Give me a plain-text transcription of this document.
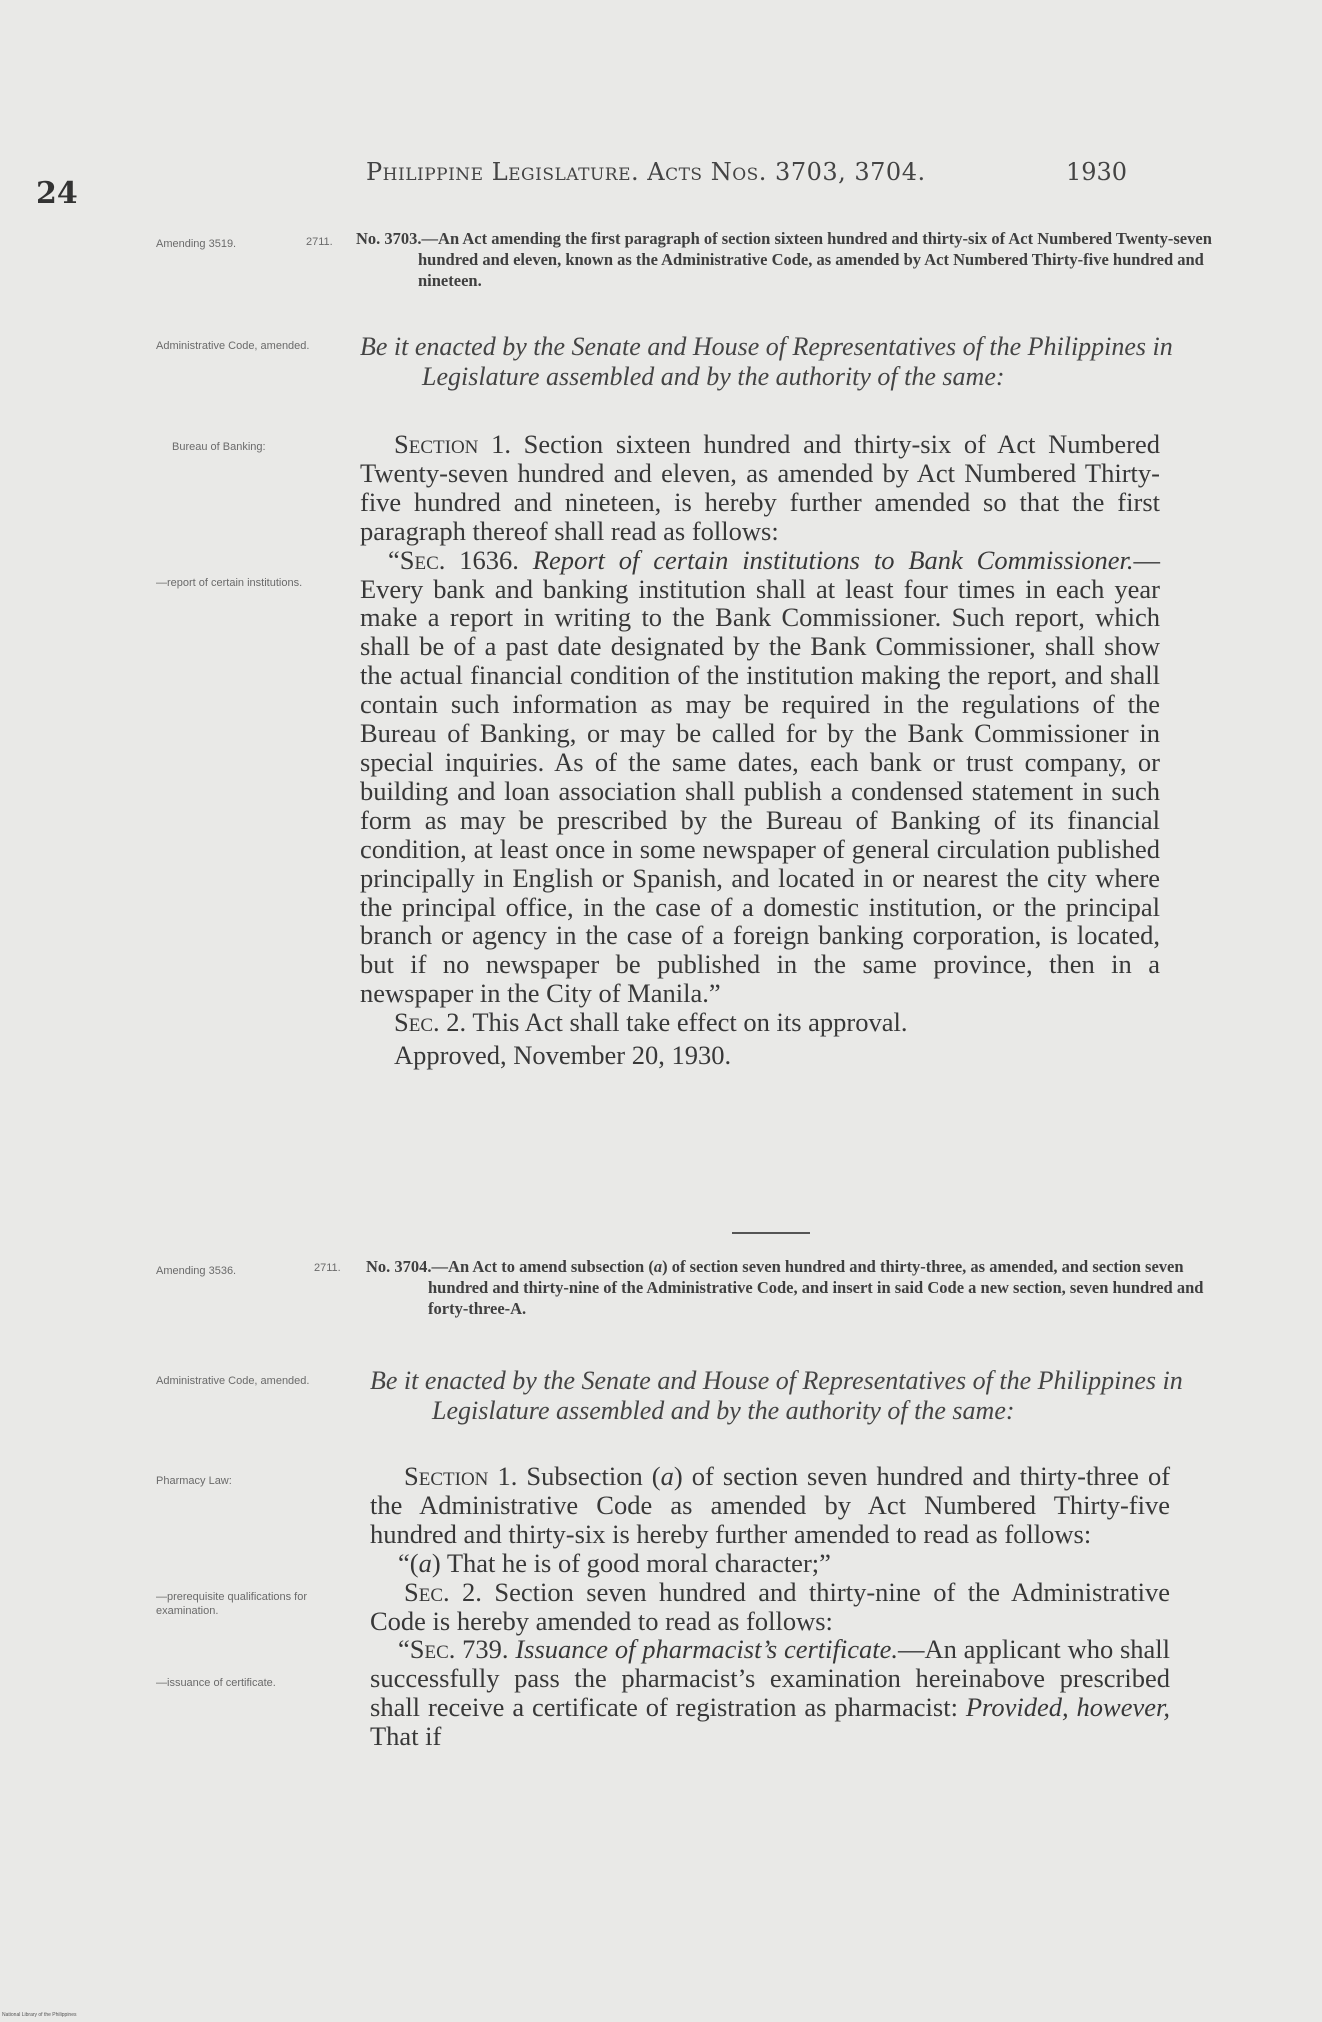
24
Philippine Legislature. Acts Nos. 3703, 3704.	1930
Amending 3519.	2711. No. 3703.—An Act amending the first paragraph of section sixteen hundred and thirty-six of Act Numbered Twenty-seven hundred and eleven, known as the Administrative Code, as amended by Act Numbered Thirty-five hundred and nineteen.
Administrative Code, amended.	Be it enacted by the Senate and House of Representatives of the Philippines in Legislature assembled and by the authority of the same:
Bureau of Banking:
—report of certain institutions.

Section 1. Section sixteen hundred and thirty-six of Act Numbered Twenty-seven hundred and eleven, as amended by Act Numbered Thirty-five hundred and nineteen, is hereby further amended so that the first paragraph thereof shall read as follows:

“Sec. 1636. Report of certain institutions to Bank Commissioner.—Every bank and banking institution shall at least four times in each year make a report in writing to the Bank Commissioner. Such report, which shall be of a past date designated by the Bank Commissioner, shall show the actual financial condition of the institution making the report, and shall contain such information as may be required in the regulations of the Bureau of Banking, or may be called for by the Bank Commissioner in special inquiries. As of the same dates, each bank or trust company, or building and loan association shall publish a condensed statement in such form as may be prescribed by the Bureau of Banking of its financial condition, at least once in some newspaper of general circulation published principally in English or Spanish, and located in or nearest the city where the principal office, in the case of a domestic institution, or the principal branch or agency in the case of a foreign banking corporation, is located, but if no newspaper be published in the same province, then in a newspaper in the City of Manila.”

Sec. 2. This Act shall take effect on its approval.

Approved, November 20, 1930.

Amending 3536.	2711. No. 3704.—An Act to amend subsection (a) of section seven hundred and thirty-three, as amended, and section seven hundred and thirty-nine of the Administrative Code, and insert in said Code a new section, seven hundred and forty-three-A.
Administrative Code, amended.	Be it enacted by the Senate and House of Representatives of the Philippines in Legislature assembled and by the authority of the same:
Pharmacy Law:
—prerequisite qualifications for examination.
—issuance of certificate.

Section 1. Subsection (a) of section seven hundred and thirty-three of the Administrative Code as amended by Act Numbered Thirty-five hundred and thirty-six is hereby further amended to read as follows:

“(a) That he is of good moral character;”

Sec. 2. Section seven hundred and thirty-nine of the Administrative Code is hereby amended to read as follows:

“Sec. 739. Issuance of pharmacist’s certificate.—An applicant who shall successfully pass the pharmacist’s examination hereinabove prescribed shall receive a certificate of registration as pharmacist: Provided, however, That if

National Library of the Philippines
